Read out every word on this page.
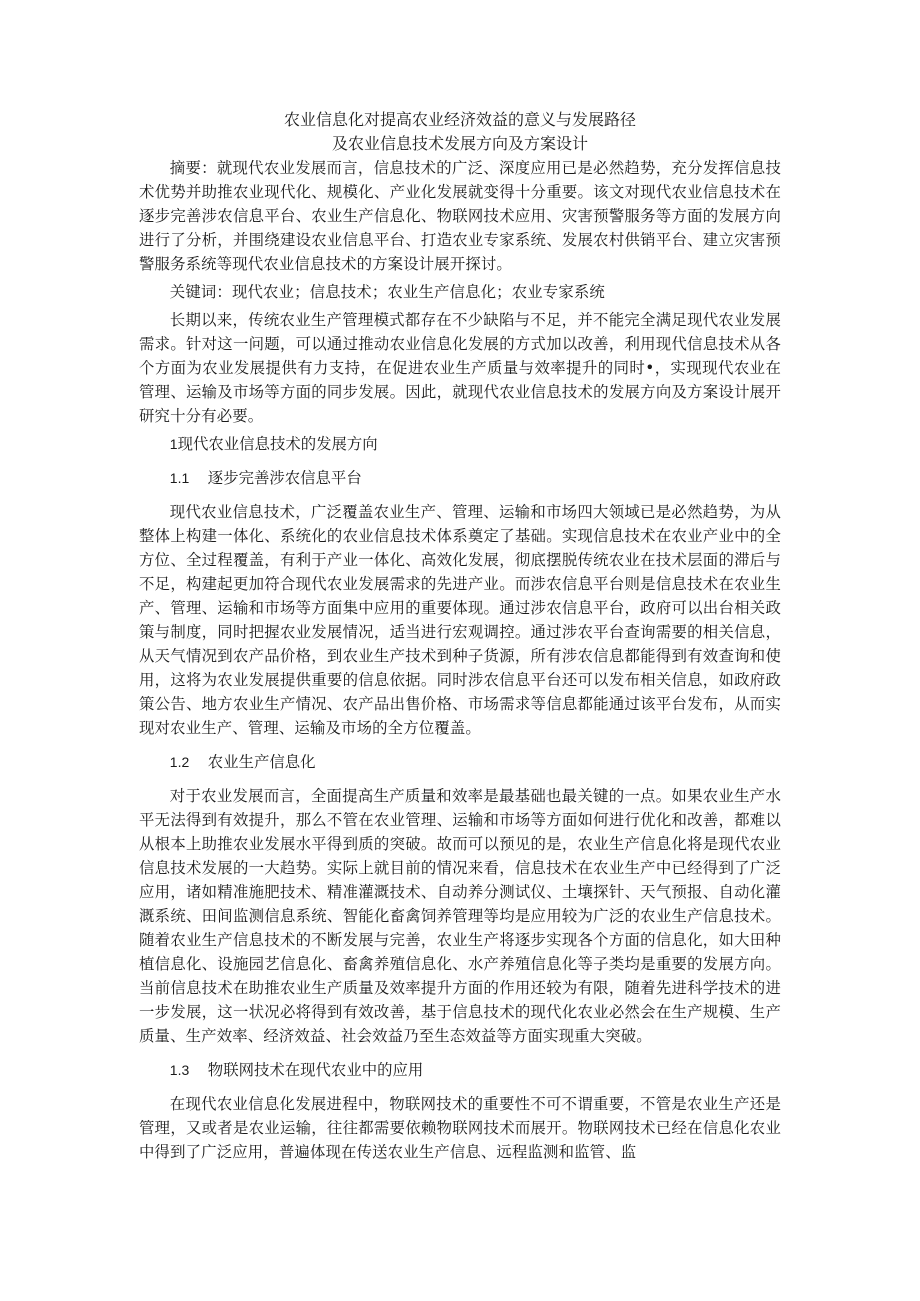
农业信息化对提高农业经济效益的意义与发展路径

及农业信息技术发展方向及方案设计

摘要：就现代农业发展而言，信息技术的广泛、深度应用已是必然趋势，充分发挥信息技术优势并助推农业现代化、规模化、产业化发展就变得十分重要。该文对现代农业信息技术在逐步完善涉农信息平台、农业生产信息化、物联网技术应用、灾害预警服务等方面的发展方向进行了分析，并围绕建设农业信息平台、打造农业专家系统、发展农村供销平台、建立灾害预警服务系统等现代农业信息技术的方案设计展开探讨。

关键词：现代农业；信息技术；农业生产信息化；农业专家系统

长期以来，传统农业生产管理模式都存在不少缺陷与不足，并不能完全满足现代农业发展需求。针对这一问题，可以通过推动农业信息化发展的方式加以改善，利用现代信息技术从各个方面为农业发展提供有力支持，在促进农业生产质量与效率提升的同时•，实现现代农业在管理、运输及市场等方面的同步发展。因此，就现代农业信息技术的发展方向及方案设计展开研究十分有必要。

1现代农业信息技术的发展方向

1.1 逐步完善涉农信息平台

现代农业信息技术，广泛覆盖农业生产、管理、运输和市场四大领域已是必然趋势，为从整体上构建一体化、系统化的农业信息技术体系奠定了基础。实现信息技术在农业产业中的全方位、全过程覆盖，有利于产业一体化、高效化发展，彻底摆脱传统农业在技术层面的滞后与不足，构建起更加符合现代农业发展需求的先进产业。而涉农信息平台则是信息技术在农业生产、管理、运输和市场等方面集中应用的重要体现。通过涉农信息平台，政府可以出台相关政策与制度，同时把握农业发展情况，适当进行宏观调控。通过涉农平台查询需要的相关信息，从天气情况到农产品价格，到农业生产技术到种子货源，所有涉农信息都能得到有效查询和使用，这将为农业发展提供重要的信息依据。同时涉农信息平台还可以发布相关信息，如政府政策公告、地方农业生产情况、农产品出售价格、市场需求等信息都能通过该平台发布，从而实现对农业生产、管理、运输及市场的全方位覆盖。

1.2 农业生产信息化

对于农业发展而言，全面提高生产质量和效率是最基础也最关键的一点。如果农业生产水平无法得到有效提升，那么不管在农业管理、运输和市场等方面如何进行优化和改善，都难以从根本上助推农业发展水平得到质的突破。故而可以预见的是，农业生产信息化将是现代农业信息技术发展的一大趋势。实际上就目前的情况来看，信息技术在农业生产中已经得到了广泛应用，诸如精准施肥技术、精准灌溉技术、自动养分测试仪、土壤探针、天气预报、自动化灌溉系统、田间监测信息系统、智能化畜禽饲养管理等均是应用较为广泛的农业生产信息技术。随着农业生产信息技术的不断发展与完善，农业生产将逐步实现各个方面的信息化，如大田种植信息化、设施园艺信息化、畜禽养殖信息化、水产养殖信息化等子类均是重要的发展方向。当前信息技术在助推农业生产质量及效率提升方面的作用还较为有限，随着先进科学技术的进一步发展，这一状况必将得到有效改善，基于信息技术的现代化农业必然会在生产规模、生产质量、生产效率、经济效益、社会效益乃至生态效益等方面实现重大突破。

1.3 物联网技术在现代农业中的应用

在现代农业信息化发展进程中，物联网技术的重要性不可不谓重要，不管是农业生产还是管理，又或者是农业运输，往往都需要依赖物联网技术而展开。物联网技术已经在信息化农业中得到了广泛应用，普遍体现在传送农业生产信息、远程监测和监管、监
